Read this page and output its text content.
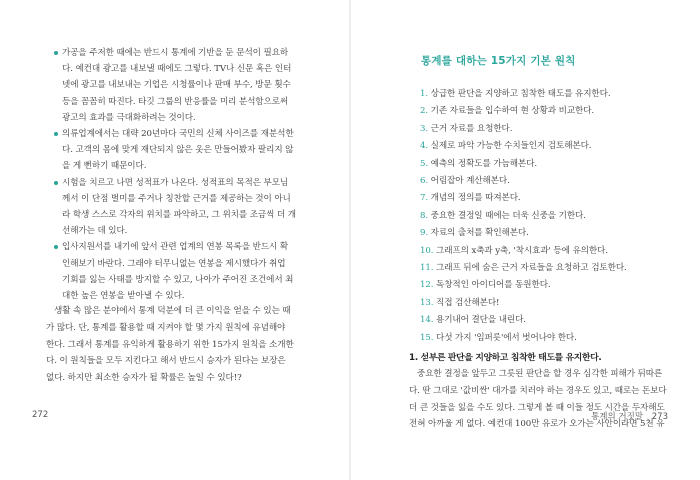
가공을 주저한 때에는 반드시 통계에 기반을 둔 문석이 필요하다. 예컨대 광고를 내보낼 때에도 그렇다. TV나 신문 혹은 인터넷에 광고를 내보내는 기업은 시청률이나 판매 부수, 방문 횟수 등을 꼼꼼히 따진다. 타깃 그룹의 반응률을 미리 분석함으로써 광고의 효과를 극대화하려는 것이다.
의류업계에서는 대략 20년마다 국민의 신체 사이즈를 재분석한다. 고객의 몸에 맞게 재단되지 않은 옷은 만들어봤자 팔리지 않을 게 뻔하기 때문이다.
시험을 치르고 나면 성적표가 나온다. 성적표의 목적은 부모님께서 이 단점 벌미를 주거나 칭찬할 근거를 제공하는 것이 아니라 학생 스스로 각자의 위치를 파악하고, 그 위치를 조금씩 더 개선해가는 데 있다.
입사지원서를 내기에 앞서 관련 업계의 연봉 목록을 반드시 확인해보기 바란다. 그래야 터무니없는 연봉을 제시했다가 취업 기회를 잃는 사태를 방지할 수 있고, 나아가 주어진 조건에서 최대한 높은 연봉을 받아낼 수 있다.

생활 속 많은 분야에서 통계 덕분에 더 큰 이익을 얻을 수 있는 때가 많다. 단, 통계를 활용할 때 지켜야 할 몇 가지 원칙에 유념해야 한다. 그래서 통계를 유익하게 활용하기 위한 15가지 원칙을 소개한다. 이 원칙들을 모두 지킨다고 해서 반드시 승자가 된다는 보장은 없다. 하지만 최소한 승자가 될 확률은 높일 수 있다!?

272
통계를 대하는 15가지 기본 원칙
1. 상급한 판단을 지양하고 침착한 태도를 유지한다.
2. 기존 자료들을 입수하여 현 상황과 비교한다.
3. 근거 자료를 요청한다.
4. 실제로 파악 가능한 수치들인지 검토해본다.
5. 예측의 정확도를 가늠해본다.
6. 어림잡아 계산해본다.
7. 개념의 정의를 따져본다.
8. 중요한 결정일 때에는 더욱 신중을 기한다.
9. 자료의 출처를 확인해본다.
10. 그래프의 x축과 y축, '착시효과' 등에 유의한다.
11. 그래프 뒤에 숨은 근거 자료들을 요청하고 검토한다.
12. 독창적인 아이디어를 동원한다.
13. 직접 검산해본다!
14. 용기내어 결단을 내린다.
15. 다섯 가지 '임퍼릇'에서 벗어나야 한다.
1. 섣부른 판단을 지양하고 침착한 태도를 유지한다.

중요한 결정을 앞두고 그릇된 판단을 할 경우 심각한 피해가 뒤따른다. 딴 그대로 '값비싼' 대가를 치러야 하는 경우도 있고, 때로는 돈보다 더 큰 것들을 잃을 수도 있다. 그렇게 볼 때 이들 정도 시간을 두자해도 전혀 아까울 게 없다. 예컨대 100만 유로가 오가는 사안이라면 5천 유

통계의 거짓말 273
